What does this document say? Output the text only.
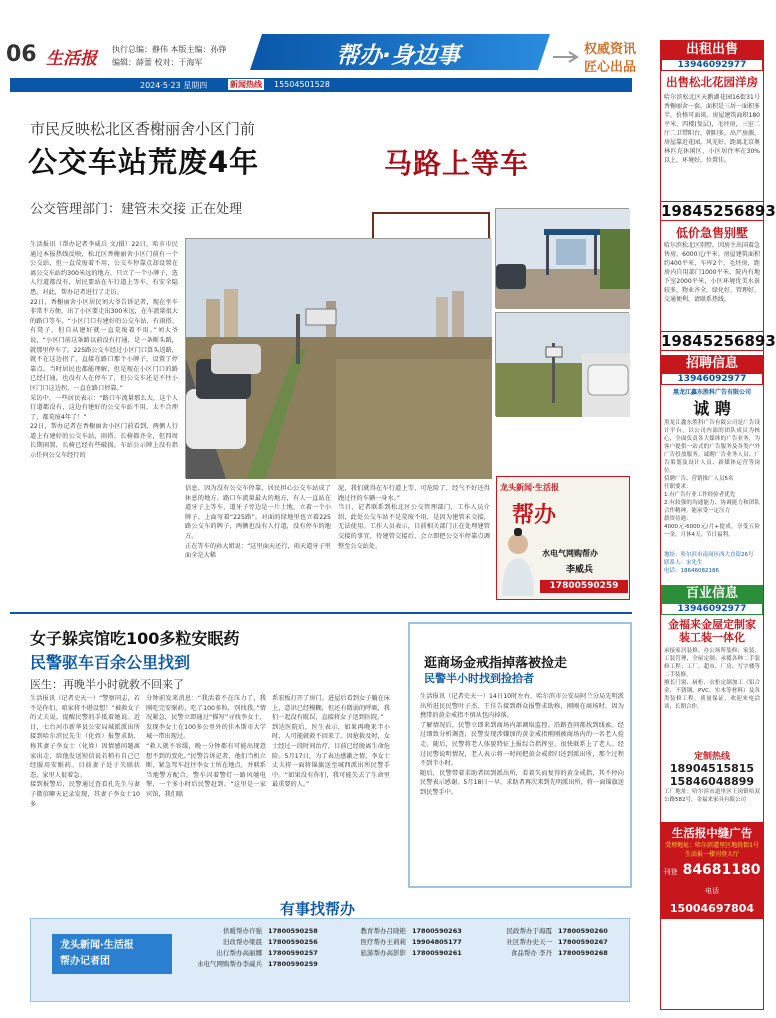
06 生活报 执行总编：静伟 本版主编：孙铮
编辑：薛蕾 校对：于海军	帮办·身边事	权威资讯
匠心出品
2024·5·23 星期四	新闻热线 15504501528
市民反映松北区香榭丽舍小区门前
公交车站荒废4年	马路上等车
公交管理部门：建管未交接 正在处理
生活报讯（帮办记者李威兵 文/摄）22日，哈市市民通过本报热线反映，松北区香榭丽舍小区门前有一个公交站，但一直荒废着不用，公交车停靠点却设置在离公交车站约300米远的地方，只立了一个小牌子，选人行道都没有，居民要站在车行道上等车，有安全隐患。对此，帮办记者进行了走访。
22日，香榭丽舍小区居民刘大爷告诉记者，现在坐车非常不方便，出了小区要走出300米远，在车流量很大的路口等车。“小区门口有建好的公交车站，有雨搭、有凳子，但自从建好就一直荒废着不用。”刘大爷说，“小区门前这条路以前没有打通，是一条断头路，就那里停车了。225路公交车经过小区门口算头返路，就不在这边拐了，直接在路口那个小牌子，设置了停靠点。当时居民也都能理解，但是现在小区门口的路已经打通，也没有人在停车了，但公交车还是不往小区门口这边拐，一直在路口停靠。”
采访中，一些居民表示：“路口车流量那么大，这个人行道都没有，这边有建好的公交车站不用，太不合理了，都荒废4年了！”
22日，帮办记者在香榭丽舍小区门前看到，两侧人行道上有建好的公交车站，雨搭、长椅都齐全，但四周长期闲置，长椅已经有些破损。车站公示牌上没有指示任何公交车经行的
信息。因为没有公交车停靠，居民担心公交车站成了休息的地方。路口车流量最大的地方，有人一直站在道牙子上等车，道牙子旁边是一片土地，立着一个小牌子，上面写着“225路”。对面的绿地里也立着225路公交车的牌子，两侧也没有人行道，没有停车的地方。
正在等车的孙大姐说：“这里面天还行，雨天道牙子里面全是大稀
泥，我们就得在车行道上等，可危险了，经气不好还得跑过往的车辆一身水。”
当日，记者联系到松北区公交管理部门，工作人员介绍，此处公交车站不是荒废不用，是因为建管未交接，无法使用。工作人员表示，目前相关部门正在处理建管交接的事宜，待建管交接后，会立即把公交车停靠点调整至公交站处。
龙头新闻·生活报
帮办
水电气网购帮办
李威兵
17800590259
女子躲宾馆吃100多粒安眠药
民警驱车百余公里找到
医生：再晚半小时就救不回来了
生活报讯（记者史天一）“警察同志，若不是你们，咱家将不堪设想！”被救女子的丈夫说，提醒民警的手抵着她说。近日，七台河市新华县公安局城派派出所接到哈尔滨民先生（化姓）报警求助，称其妻子李女士（化姓）因情感问题离家出走，给他发送短信说若稍有自己已经服用安眠药。目前妻子处于失联状态，家里人很着急。
接到报警后，民警通过查看孔先生与妻子微信聊天记录发现，其妻子李女士10多
分钟前发来消息：“我活着不在压力了，我刚吃完安眠药，吃了100多粒，别找我。”情况紧急，民警立即通过“描写”寻找李女士，发现李女士在100多公里外的佳木斯市大学城一带出现过。
“救人就不容缓，晚一分钟都有可能出现意想不到的变化。”民警告诉记者，他们当机立断，紧急驾车赶往李女士所在地点，并联系当地警方配合。警车闪着警灯一路风驰电掣，一个多小时后民警赶到。“这里是一家宾馆，我们联
系宏板打开了房门。进屋后看到女子躺在床上，意识已经模糊，但还有微弱的呼吸，我们一起没有耽误，直接将女子送到医院。”
到达医院后，医生表示，如果再晚来半小时，人可能就救不回来了。因抢救及时，女士经过一段时间治疗，目前已经脱离生命危险。5月17日，为了表达感激之情，李女士丈夫将一面将锦旗送至城西派出所民警手中。“如果没有你们，我可能失去了生命里最重要的人。”
逛商场金戒指掉落被捡走
民警半小时找到捡拾者
生活报讯（记者史天一）14日10时左右，哈尔滨市公安局阿兰分局先明派出所进民民警叶子杰、王佳告接到群众报警求助称，刚刚在商场时，因为携带的黄金戒指不慎从包内掉落。
了解情况后，民警立即来到商场内部调取监控、沿路查问都找到线索。经过细致分析调查，民警发现涉嫌加的黄金戒指刚刚被商场内的一名老人捡走。随后，民警将老人体貌特征上报综合指挥室，很快联系上了老人。经过民警说明情况，老人表示将一时间把黄金戒指归还到派出所，那个过程不到半小时。
随后，民警带着求助者回到派出所，看着失而复得的黄金戒指，其不停向民警表示感谢。5月18日一早，求助者再次来到先明派出所，将一面锦旗送到民警手中。
有事找帮办
龙头新闻·生活报
帮办记者团
供暖帮办许强 17800590258	教育帮办吕晓艳 17800590263	民政帮办于海霞 17800590260
旧改帮办梁晨 17800590256	医疗帮办王莉莉 19904805177	社区帮办史天一 17800590267
出行帮办高丽娜 17800590257	旅游帮办高影影 17800590261	食品帮办 李丹 17800590268
水电气网购帮办李威兵 17800590259
出租出售
13946092977
出售松北花园洋房
哈尔滨松北区天鹅湖花园16街31号香榭丽舍一套，面积是三居一面积多半，价格可面谈。房屋建筑面积180平米，四楼(复层)，毛坯房，三室二厅二卫带阳台，朝阳多，出产房源。房屋靠近花园，风光好，距离北京奥林匹克休闲区，小区居住率在30%以上，环境好，位置佳。
19845256893
低价急售别墅
哈尔滨松北区别墅，因房主出国着急售房，6000元/平米。房屋建筑面积约400平米，车库2个，毛坯房，距房内自用部门1000平米，院内有地下室2000平米，小区环境优美水景较多，物业齐全，绿化好，管理好，交通便利，请联系热线。
19845256893
招聘信息
13946092977
黑龙江鑫东胜科广告有限公司
诚 聘
黑龙江鑫东胜科广告有限公司是广告设计平台，以公司内部的团队成员为核心，全面负责各大媒体的广告业务，为客户提供一站式的广告服务及各类户外广告投放服务。诚聘广告业务人员、广告策划及设计人员、新媒体运营等岗位。
招聘广告、营销推广人员5名
任职要求：
1.有广告行业工作经验者优先
2.有较强的沟通能力、协调能力和团队合作精神，能承受一定压力
薪资待遇：
4000元-6000元/月+提成，享受五险一金，月休4天，节日福利。
地址：哈尔滨市南岗区西大直街26号
联系人：宋先生
电话：18646082186
百业信息
13946092977
金福来金屋定制家装工装一体化
承接家居装修、办公场所装修；家装、工装管理，全屋定制；承揽各种二手装修工程；工厂、超市、厂房、写字楼等二手装修。
擅长门窗、厨柜、衣柜定制加工（铝合金、不锈钢、PVC、实木等材料）及各类装修工程，质量保证，欢迎来电洽谈，长期合作。
定制热线
18904515815
15846048899
工厂地址：哈尔滨市道里区王岗镇哈双公路582号，金福来家具有限公司
生活报中缝广告
受理地址：哈尔滨道里区地段街1号生活报一楼刊登大厅
刊登 84681180
电话 15004697804
